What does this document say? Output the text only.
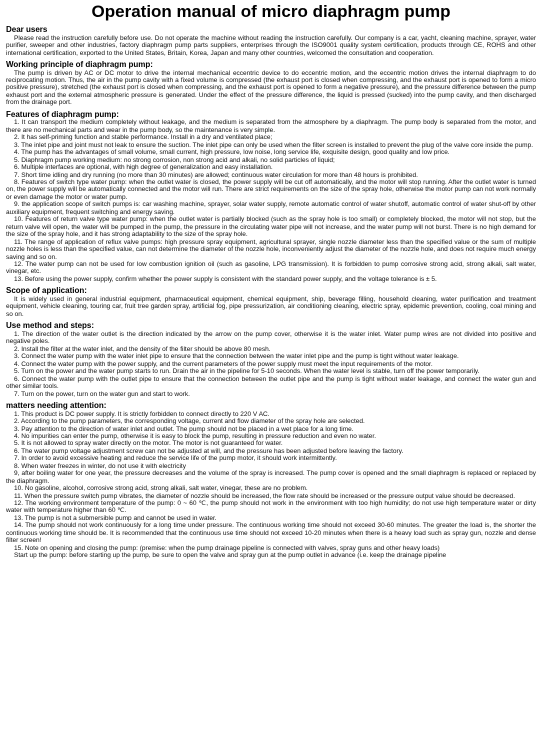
Operation manual of micro diaphragm pump
Dear users

Please read the instruction carefully before use. Do not operate the machine without reading the instruction carefully. Our company is a car, yacht, cleaning machine, sprayer, water purifier, sweeper and other industries, factory diaphragm pump parts suppliers, enterprises through the ISO9001 quality system certification, products through CE, ROHS and other international certification, exported to the United States, Britain, Korea, Japan and many other countries, welcomed the consultation and cooperation.

Working principle of diaphragm pump:

The pump is driven by AC or DC motor to drive the internal mechanical eccentric device to do eccentric motion, and the eccentric motion drives the internal diaphragm to do reciprocating motion. Thus, the air in the pump cavity with a fixed volume is compressed (the exhaust port is closed when compressing, and the exhaust port is opened to form a micro positive pressure), stretched (the exhaust port is closed when compressing, and the exhaust port is opened to form a negative pressure), and the pressure difference between the pump exhaust port and the external atmospheric pressure is generated. Under the effect of the pressure difference, the liquid is pressed (sucked) into the pump cavity, and then discharged from the drainage port.

Features of diaphragm pump:

1. It can transport the medium completely without leakage, and the medium is separated from the atmosphere by a diaphragm. The pump body is separated from the motor, and there are no mechanical parts and wear in the pump body, so the maintenance is very simple.

2. It has self-priming function and stable performance. Install in a dry and ventilated place;

3. The inlet pipe and joint must not leak to ensure the suction. The inlet pipe can only be used when the filter screen is installed to prevent the plug of the valve core inside the pump.

4. The pump has the advantages of small volume, small current, high pressure, low noise, long service life, exquisite design, good quality and low price.

5. Diaphragm pump working medium: no strong corrosion, non strong acid and alkali, no solid particles of liquid;

6. Multiple interfaces are optional, with high degree of generalization and easy installation.

7. Short time idling and dry running (no more than 30 minutes) are allowed; continuous water circulation for more than 48 hours is prohibited.

8. Features of switch type water pump: when the outlet water is closed, the power supply will be cut off automatically, and the motor will stop running. After the outlet water is turned on, the power supply will be automatically connected and the motor will run. There are strict requirements on the size of the spray hole, otherwise the motor pump can not work normally or even damage the motor or water pump.

9. the application scope of switch pumps is: car washing machine, sprayer, solar water supply, remote automatic control of water shutoff, automatic control of water shut-off by other auxiliary equipment, frequent switching and energy saving.

10. Features of return valve type water pump: when the outlet water is partially blocked (such as the spray hole is too small) or completely blocked, the motor will not stop, but the return valve will open, the water will be pumped in the pump, the pressure in the circulating water pipe will not increase, and the water pump will not burst. There is no high demand for the size of the spray hole, and it has strong adaptability to the size of the spray hole.

11. The range of application of reflux valve pumps: high pressure spray equipment, agricultural sprayer, single nozzle diameter less than the specified value or the sum of multiple nozzle holes is less than the specified value, can not determine the diameter of the nozzle hole, inconveniently adjust the diameter of the nozzle hole, and does not require much energy saving and so on.

12. The water pump can not be used for low combustion ignition oil (such as gasoline, LPG transmission). It is forbidden to pump corrosive strong acid, strong alkali, salt water, vinegar, etc.

13. Before using the power supply, confirm whether the power supply is consistent with the standard power supply, and the voltage tolerance is ± 5.

Scope of application:

It is widely used in general industrial equipment, pharmaceutical equipment, chemical equipment, ship, beverage filling, household cleaning, water purification and treatment equipment, vehicle cleaning, touring car, fruit tree garden spray, artificial fog, pipe pressurization, air conditioning cleaning, electric spray, epidemic prevention, cooling, coal mining and so on.

Use method and steps:

1. The direction of the water outlet is the direction indicated by the arrow on the pump cover, otherwise it is the water inlet. Water pump wires are not divided into positive and negative poles.

2. Install the filter at the water inlet, and the density of the filter should be above 80 mesh.

3. Connect the water pump with the water inlet pipe to ensure that the connection between the water inlet pipe and the pump is tight without water leakage.

4. Connect the water pump with the power supply, and the current parameters of the power supply must meet the input requirements of the motor.

5. Turn on the power and the water pump starts to run. Drain the air in the pipeline for 5-10 seconds. When the water level is stable, turn off the power temporarily.

6. Connect the water pump with the outlet pipe to ensure that the connection between the outlet pipe and the pump is tight without water leakage, and connect the water gun and other similar tools.

7. Turn on the power, turn on the water gun and start to work.

matters needing attention:

1. This product is DC power supply. It is strictly forbidden to connect directly to 220 V AC.

2. According to the pump parameters, the corresponding voltage, current and flow diameter of the spray hole are selected.

3. Pay attention to the direction of water inlet and outlet. The pump should not be placed in a wet place for a long time.

4. No impurities can enter the pump, otherwise it is easy to block the pump, resulting in pressure reduction and even no water.

5. It is not allowed to spray water directly on the motor. The motor is not guaranteed for water.

6. The water pump voltage adjustment screw can not be adjusted at will, and the pressure has been adjusted before leaving the factory.

7. In order to avoid excessive heating and reduce the service life of the pump motor, it should work intermittently.

8. When water freezes in winter, do not use it with electricity

9, after boiling water for one year, the pressure decreases and the volume of the spray is increased. The pump cover is opened and the small diaphragm is replaced or replaced by the diaphragm.

10. No gasoline, alcohol, corrosive strong acid, strong alkali, salt water, vinegar, these are no problem.

11. When the pressure switch pump vibrates, the diameter of nozzle should be increased, the flow rate should be increased or the pressure output value should be decreased.

12. The working environment temperature of the pump: 0 ~ 60 ℃, the pump should not work in the environment with too high humidity; do not use high temperature water or dirty water with temperature higher than 60 ℃.

13. The pump is not a submersible pump and cannot be used in water.

14. The pump should not work continuously for a long time under pressure. The continuous working time should not exceed 30-60 minutes. The greater the load is, the shorter the continuous working time should be. It is recommended that the continuous use time should not exceed 10-20 minutes when there is a heavy load such as spray gun, nozzle and dense filter screen!

15. Note on opening and closing the pump: (premise: when the pump drainage pipeline is connected with valves, spray guns and other heavy loads)

Start up the pump: before starting up the pump, be sure to open the valve and spray gun at the pump outlet in advance (i.e. keep the drainage pipeline
